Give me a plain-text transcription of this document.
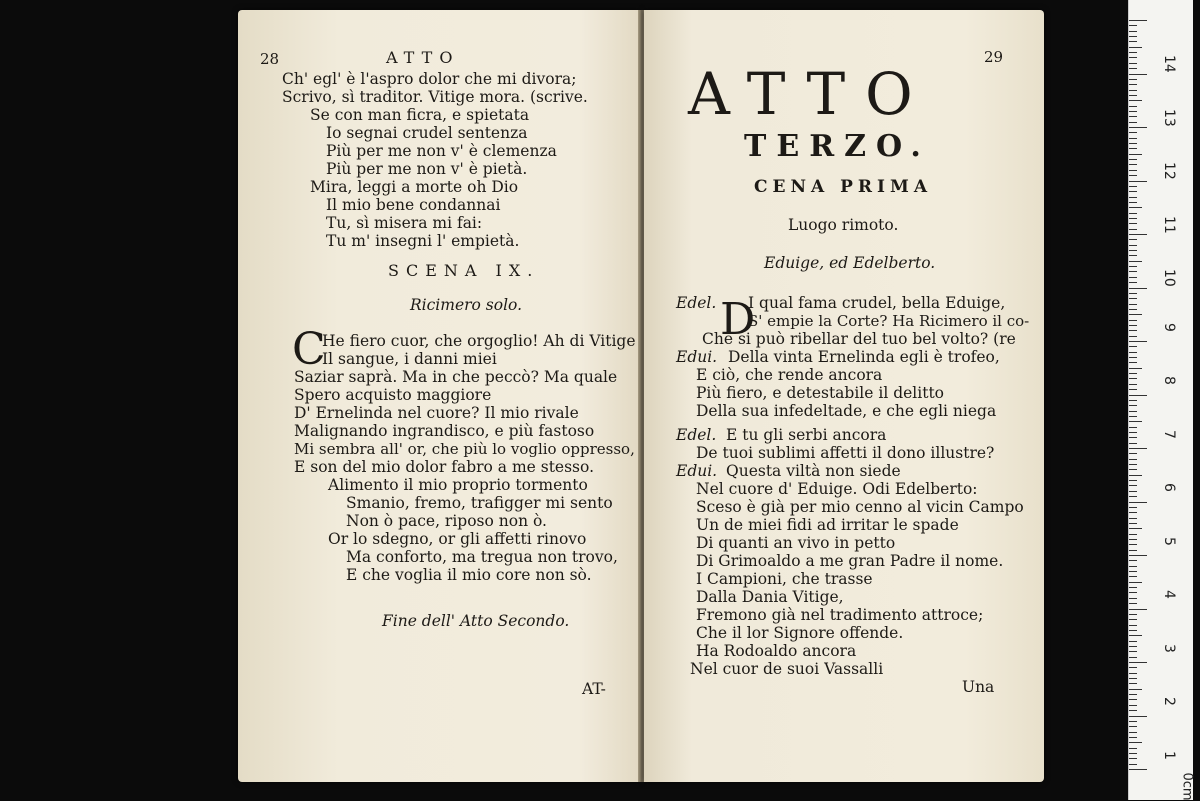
28	ATTO
Ch' egl' è l'aspro dolor che mi divora;
Scrivo, sì traditor. Vitige mora. (scrive.
Se con man ficra, e spietata
Io segnai crudel sentenza
Più per me non v' è clemenza
Più per me non v' è pietà.
Mira, leggi a morte oh Dio
Il mio bene condannai
Tu, sì misera mi fai:
Tu m' insegni l' empietà.
SCENA IX.
Ricimero solo.
C
He fiero cuor, che orgoglio! Ah di Vitige
Il sangue, i danni miei
Saziar saprà. Ma in che peccò? Ma quale
Spero acquisto maggiore
D' Ernelinda nel cuore? Il mio rivale
Malignando ingrandisco, e più fastoso
Mi sembra all' or, che più lo voglio oppresso,
E son del mio dolor fabro a me stesso.
Alimento il mio proprio tormento
Smanio, fremo, trafigger mi sento
Non ò pace, riposo non ò.
Or lo sdegno, or gli affetti rinovo
Ma conforto, ma tregua non trovo,
E che voglia il mio core non sò.
Fine dell' Atto Secondo.
AT-
29
ATTO
TERZO.
CENA PRIMA
Luogo rimoto.
Eduige, ed Edelberto.
D
Edel. I qual fama crudel, bella Eduige,
S' empie la Corte? Ha Ricimero il co-
Che si può ribellar del tuo bel volto? (re
Edui. Della vinta Ernelinda egli è trofeo,
E ciò, che rende ancora
Più fiero, e detestabile il delitto
Della sua infedeltade, e che egli niega
Edel. E tu gli serbi ancora
De tuoi sublimi affetti il dono illustre?
Edui. Questa viltà non siede
Nel cuore d' Eduige. Odi Edelberto:
Sceso è già per mio cenno al vicin Campo
Un de miei fidi ad irritar le spade
Di quanti an vivo in petto
Di Grimoaldo a me gran Padre il nome.
I Campioni, che trasse
Dalla Dania Vitige,
Fremono già nel tradimento attroce;
Che il lor Signore offende.
Ha Rodoaldo ancora
Nel cuor de suoi Vassalli
Una
14
13
12
11
10
9
8
7
6
5
4
3
2
1
0cm
